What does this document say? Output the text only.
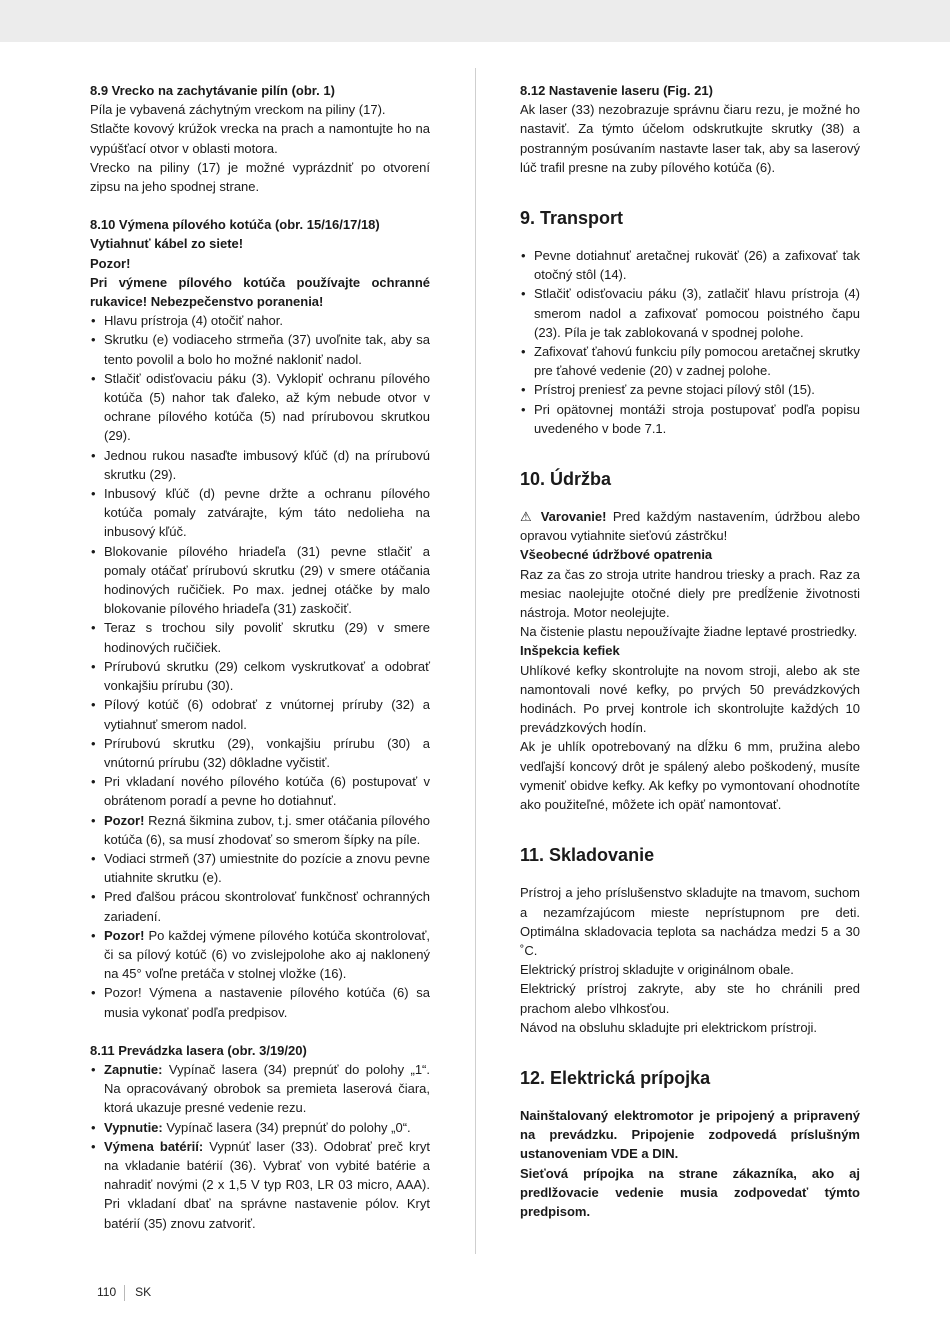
8.9 Vrecko na zachytávanie pilín (obr. 1)

Píla je vybavená záchytným vreckom na piliny (17).

Stlačte kovový krúžok vrecka na prach a namontujte ho na vypúšťací otvor v oblasti motora.

Vrecko na piliny (17) je možné vyprázdniť po otvorení zipsu na jeho spodnej strane.

8.10 Výmena pílového kotúča (obr. 15/16/17/18)

Vytiahnuť kábel zo siete!

Pozor!

Pri výmene pílového kotúča používajte ochranné rukavice! Nebezpečenstvo poranenia!

• Hlavu prístroja (4) otočiť nahor.
• Skrutku (e) vodiaceho strmeňa (37) uvoľnite tak, aby sa tento povolil a bolo ho možné nakloniť nadol.
• Stlačiť odisťovaciu páku (3). Vyklopiť ochranu pílového kotúča (5) nahor tak ďaleko, až kým nebude otvor v ochrane pílového kotúča (5) nad prírubovou skrutkou (29).
• Jednou rukou nasaďte imbusový kľúč (d) na prírubovú skrutku (29).
• Inbusový kľúč (d) pevne držte a ochranu pílového kotúča pomaly zatvárajte, kým táto nedolieha na inbusový kľúč.
• Blokovanie pílového hriadeľa (31) pevne stlačiť a pomaly otáčať prírubovú skrutku (29) v smere otáčania hodinových ručičiek. Po max. jednej otáčke by malo blokovanie pílového hriadeľa (31) zaskočiť.
• Teraz s trochou sily povoliť skrutku (29) v smere hodinových ručičiek.
• Prírubovú skrutku (29) celkom vyskrutkovať a odobrať vonkajšiu prírubu (30).
• Pílový kotúč (6) odobrať z vnútornej príruby (32) a vytiahnuť smerom nadol.
• Prírubovú skrutku (29), vonkajšiu prírubu (30) a vnútornú prírubu (32) dôkladne vyčistiť.
• Pri vkladaní nového pílového kotúča (6) postupovať v obrátenom poradí a pevne ho dotiahnuť.
• Pozor! Rezná šikmina zubov, t.j. smer otáčania pílového kotúča (6), sa musí zhodovať so smerom šípky na píle.
• Vodiaci strmeň (37) umiestnite do pozície a znovu pevne utiahnite skrutku (e).
• Pred ďalšou prácou skontrolovať funkčnosť ochranných zariadení.
• Pozor! Po každej výmene pílového kotúča skontrolovať, či sa pílový kotúč (6) vo zvislejpolohe ako aj naklonený na 45° voľne pretáča v stolnej vložke (16).
• Pozor! Výmena a nastavenie pílového kotúča (6) sa musia vykonať podľa predpisov.

8.11 Prevádzka lasera (obr. 3/19/20)

• Zapnutie: Vypínač lasera (34) prepnúť do polohy „1“. Na opracovávaný obrobok sa premieta laserová čiara, ktorá ukazuje presné vedenie rezu.
• Vypnutie: Vypínač lasera (34) prepnúť do polohy „0“.
• Výmena batérií: Vypnúť laser (33). Odobrať preč kryt na vkladanie batérií (36). Vybrať von vybité batérie a nahradiť novými (2 x 1,5 V typ R03, LR 03 micro, AAA). Pri vkladaní dbať na správne nastavenie pólov. Kryt batérií (35) znovu zatvoriť.

8.12 Nastavenie laseru (Fig. 21)

Ak laser (33) nezobrazuje správnu čiaru rezu, je možné ho nastaviť. Za týmto účelom odskrutkujte skrutky (38) a postranným posúvaním nastavte laser tak, aby sa laserový lúč trafil presne na zuby pílového kotúča (6).

9. Transport
• Pevne dotiahnuť aretačnej rukoväť (26) a zafixovať tak otočný stôl (14).
• Stlačiť odisťovaciu páku (3), zatlačiť hlavu prístroja (4) smerom nadol a zafixovať pomocou poistného čapu (23). Píla je tak zablokovaná v spodnej polohe.
• Zafixovať ťahovú funkciu píly pomocou aretačnej skrutky pre ťahové vedenie (20) v zadnej polohe.
• Prístroj preniesť za pevne stojaci pílový stôl (15).
• Pri opätovnej montáži stroja postupovať podľa popisu uvedeného v bode 7.1.
10. Údržba

⚠ Varovanie! Pred každým nastavením, údržbou alebo opravou vytiahnite sieťovú zástrčku!

Všeobecné údržbové opatrenia

Raz za čas zo stroja utrite handrou triesky a prach. Raz za mesiac naolejujte otočné diely pre predĺženie životnosti nástroja. Motor neolejujte.

Na čistenie plastu nepoužívajte žiadne leptavé prostriedky.

Inšpekcia kefiek

Uhlíkové kefky skontrolujte na novom stroji, alebo ak ste namontovali nové kefky, po prvých 50 prevádzkových hodinách. Po prvej kontrole ich skontrolujte každých 10 prevádzkových hodín.

Ak je uhlík opotrebovaný na dĺžku 6 mm, pružina alebo vedľajší koncový drôt je spálený alebo poškodený, musíte vymeniť obidve kefky. Ak kefky po vymontovaní ohodnotíte ako použiteľné, môžete ich opäť namontovať.

11. Skladovanie

Prístroj a jeho príslušenstvo skladujte na tmavom, suchom a nezamŕzajúcom mieste neprístupnom pre deti. Optimálna skladovacia teplota sa nachádza medzi 5 a 30 ˚C.

Elektrický prístroj skladujte v originálnom obale.

Elektrický prístroj zakryte, aby ste ho chránili pred prachom alebo vlhkosťou.

Návod na obsluhu skladujte pri elektrickom prístroji.

12. Elektrická prípojka

Nainštalovaný elektromotor je pripojený a pripravený na prevádzku. Pripojenie zodpovedá príslušným ustanoveniam VDE a DIN.

Sieťová prípojka na strane zákazníka, ako aj predlžovacie vedenie musia zodpovedať týmto predpisom.

110 SK
